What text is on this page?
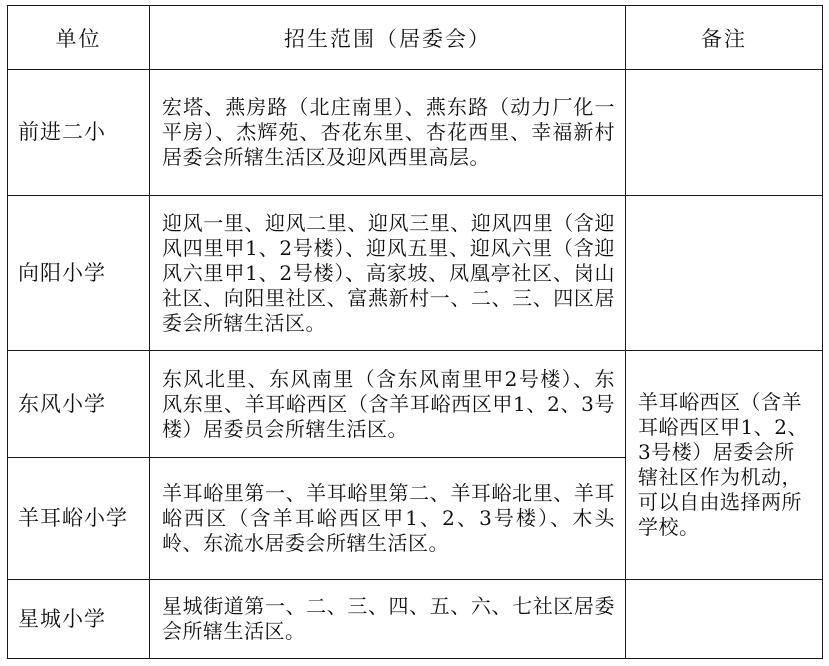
单位	招生范围（居委会）	备注
前进二小	宏塔、燕房路（北庄南里）、燕东路（动力厂化一平房）、杰辉苑、杏花东里、杏花西里、幸福新村居委会所辖生活区及迎风西里高层。	
向阳小学	迎风一里、迎风二里、迎风三里、迎风四里（含迎风四里甲1、2号楼）、迎风五里、迎风六里（含迎风六里甲1、2号楼）、高家坡、凤凰亭社区、岗山社区、向阳里社区、富燕新村一、二、三、四区居委会所辖生活区。	
东风小学	东风北里、东风南里（含东风南里甲2号楼）、东风东里、羊耳峪西区（含羊耳峪西区甲1、2、3号楼）居委员会所辖生活区。	羊耳峪西区（含羊耳峪西区甲1、2、3号楼）居委会所辖社区作为机动，可以自由选择两所学校。
羊耳峪小学	羊耳峪里第一、羊耳峪里第二、羊耳峪北里、羊耳峪西区（含羊耳峪西区甲1、2、3号楼）、木头岭、东流水居委会所辖生活区。	
星城小学	星城街道第一、二、三、四、五、六、七社区居委会所辖生活区。	
